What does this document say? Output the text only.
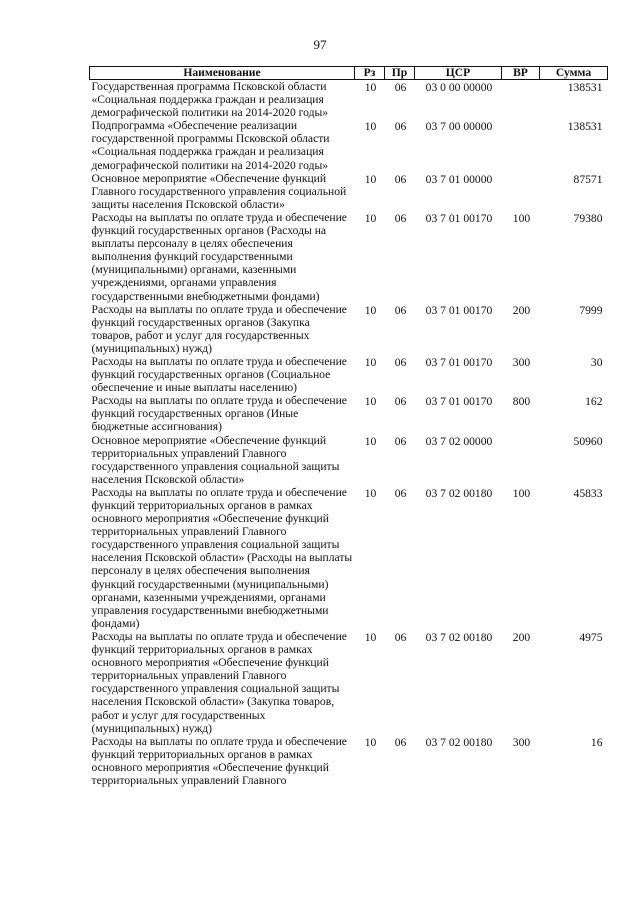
97
Наименование	Рз	Пр	ЦСР	ВР	Сумма
Государственная программа Псковской области «Социальная поддержка граждан и реализация демографической политики на 2014-2020 годы»	10	06	03 0 00 00000		138531
Подпрограмма «Обеспечение реализации государственной программы Псковской области «Социальная поддержка граждан и реализация демографической политики на 2014-2020 годы»	10	06	03 7 00 00000		138531
Основное мероприятие «Обеспечение функций Главного государственного управления социальной защиты населения Псковской области»	10	06	03 7 01 00000		87571
Расходы на выплаты по оплате труда и обеспечение функций государственных органов (Расходы на выплаты персоналу в целях обеспечения выполнения функций государственными (муниципальными) органами, казенными учреждениями, органами управления государственными внебюджетными фондами)	10	06	03 7 01 00170	100	79380
Расходы на выплаты по оплате труда и обеспечение функций государственных органов (Закупка товаров, работ и услуг для государственных (муниципальных) нужд)	10	06	03 7 01 00170	200	7999
Расходы на выплаты по оплате труда и обеспечение функций государственных органов (Социальное обеспечение и иные выплаты населению)	10	06	03 7 01 00170	300	30
Расходы на выплаты по оплате труда и обеспечение функций государственных органов (Иные бюджетные ассигнования)	10	06	03 7 01 00170	800	162
Основное мероприятие «Обеспечение функций территориальных управлений Главного государственного управления социальной защиты населения Псковской области»	10	06	03 7 02 00000		50960
Расходы на выплаты по оплате труда и обеспечение функций территориальных органов в рамках основного мероприятия «Обеспечение функций территориальных управлений Главного государственного управления социальной защиты населения Псковской области» (Расходы на выплаты персоналу в целях обеспечения выполнения функций государственными (муниципальными) органами, казенными учреждениями, органами управления государственными внебюджетными фондами)	10	06	03 7 02 00180	100	45833
Расходы на выплаты по оплате труда и обеспечение функций территориальных органов в рамках основного мероприятия «Обеспечение функций территориальных управлений Главного государственного управления социальной защиты населения Псковской области» (Закупка товаров, работ и услуг для государственных (муниципальных) нужд)	10	06	03 7 02 00180	200	4975
Расходы на выплаты по оплате труда и обеспечение функций территориальных органов в рамках основного мероприятия «Обеспечение функций территориальных управлений Главного	10	06	03 7 02 00180	300	16
